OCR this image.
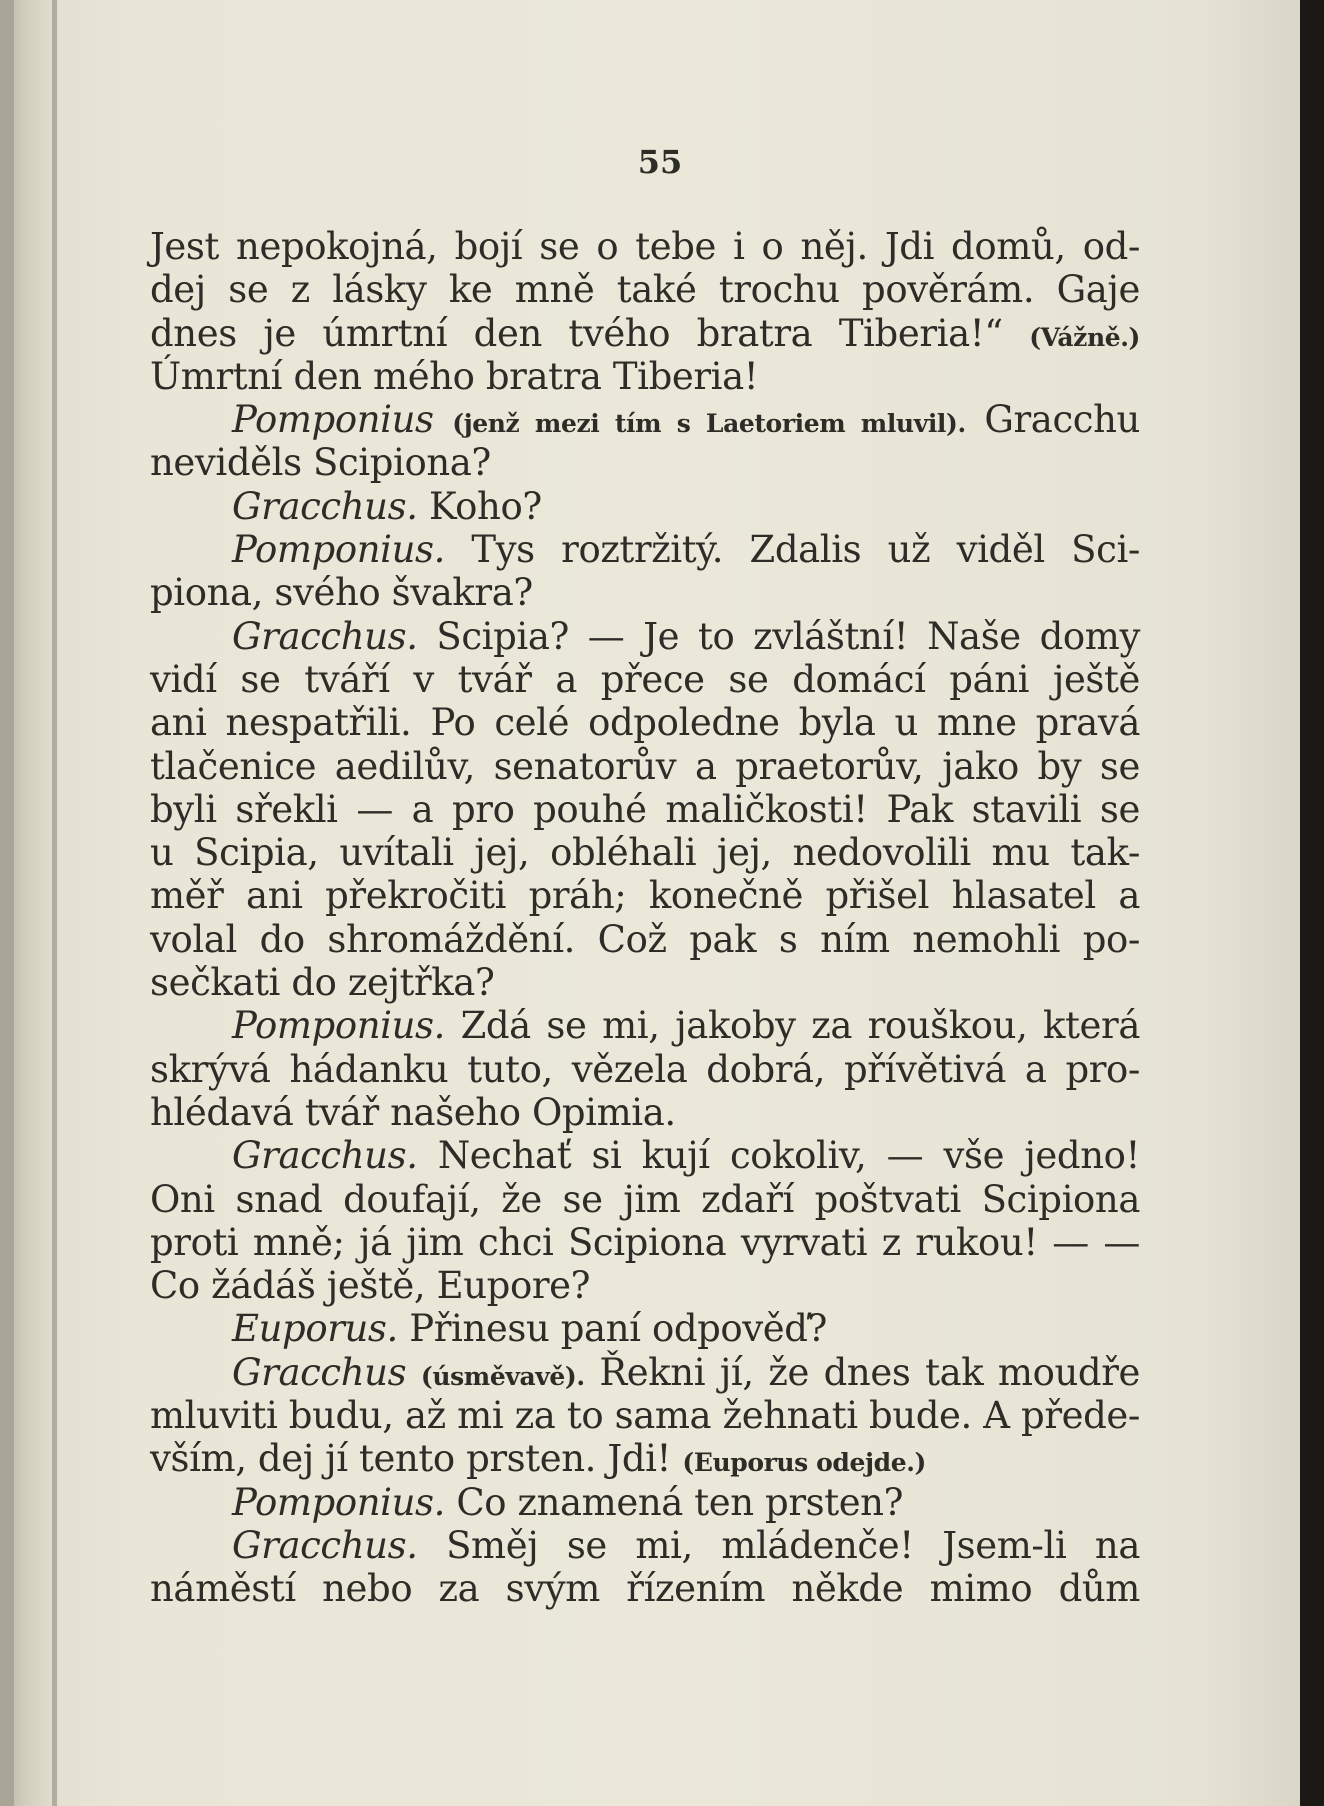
55
Jest nepokojná, bojí se o tebe i o něj. Jdi domů, od-
dej se z lásky ke mně také trochu pověrám. Gaje
dnes je úmrtní den tvého bratra Tiberia!“ (Vážně.)
Úmrtní den mého bratra Tiberia!
Pomponius (jenž mezi tím s Laetoriem mluvil). Gracchu
neviděls Scipiona?
Gracchus. Koho?
Pomponius. Tys roztržitý. Zdalis už viděl Sci-
piona, svého švakra?
Gracchus. Scipia? — Je to zvláštní! Naše domy
vidí se tváří v tvář a přece se domácí páni ještě
ani nespatřili. Po celé odpoledne byla u mne pravá
tlačenice aedilův, senatorův a praetorův, jako by se
byli sřekli — a pro pouhé maličkosti! Pak stavili se
u Scipia, uvítali jej, obléhali jej, nedovolili mu tak-
měř ani překročiti práh; konečně přišel hlasatel a
volal do shromáždění. Což pak s ním nemohli po-
sečkati do zejtřka?
Pomponius. Zdá se mi, jakoby za rouškou, která
skrývá hádanku tuto, vězela dobrá, přívětivá a pro-
hlédavá tvář našeho Opimia.
Gracchus. Nechať si kují cokoliv, — vše jedno!
Oni snad doufají, že se jim zdaří poštvati Scipiona
proti mně; já jim chci Scipiona vyrvati z rukou! — —
Co žádáš ještě, Eupore?
Euporus. Přinesu paní odpověď?
Gracchus (úsměvavě). Řekni jí, že dnes tak moudře
mluviti budu, až mi za to sama žehnati bude. A přede-
vším, dej jí tento prsten. Jdi! (Euporus odejde.)
Pomponius. Co znamená ten prsten?
Gracchus. Směj se mi, mládenče! Jsem-li na
náměstí nebo za svým řízením někde mimo dům
